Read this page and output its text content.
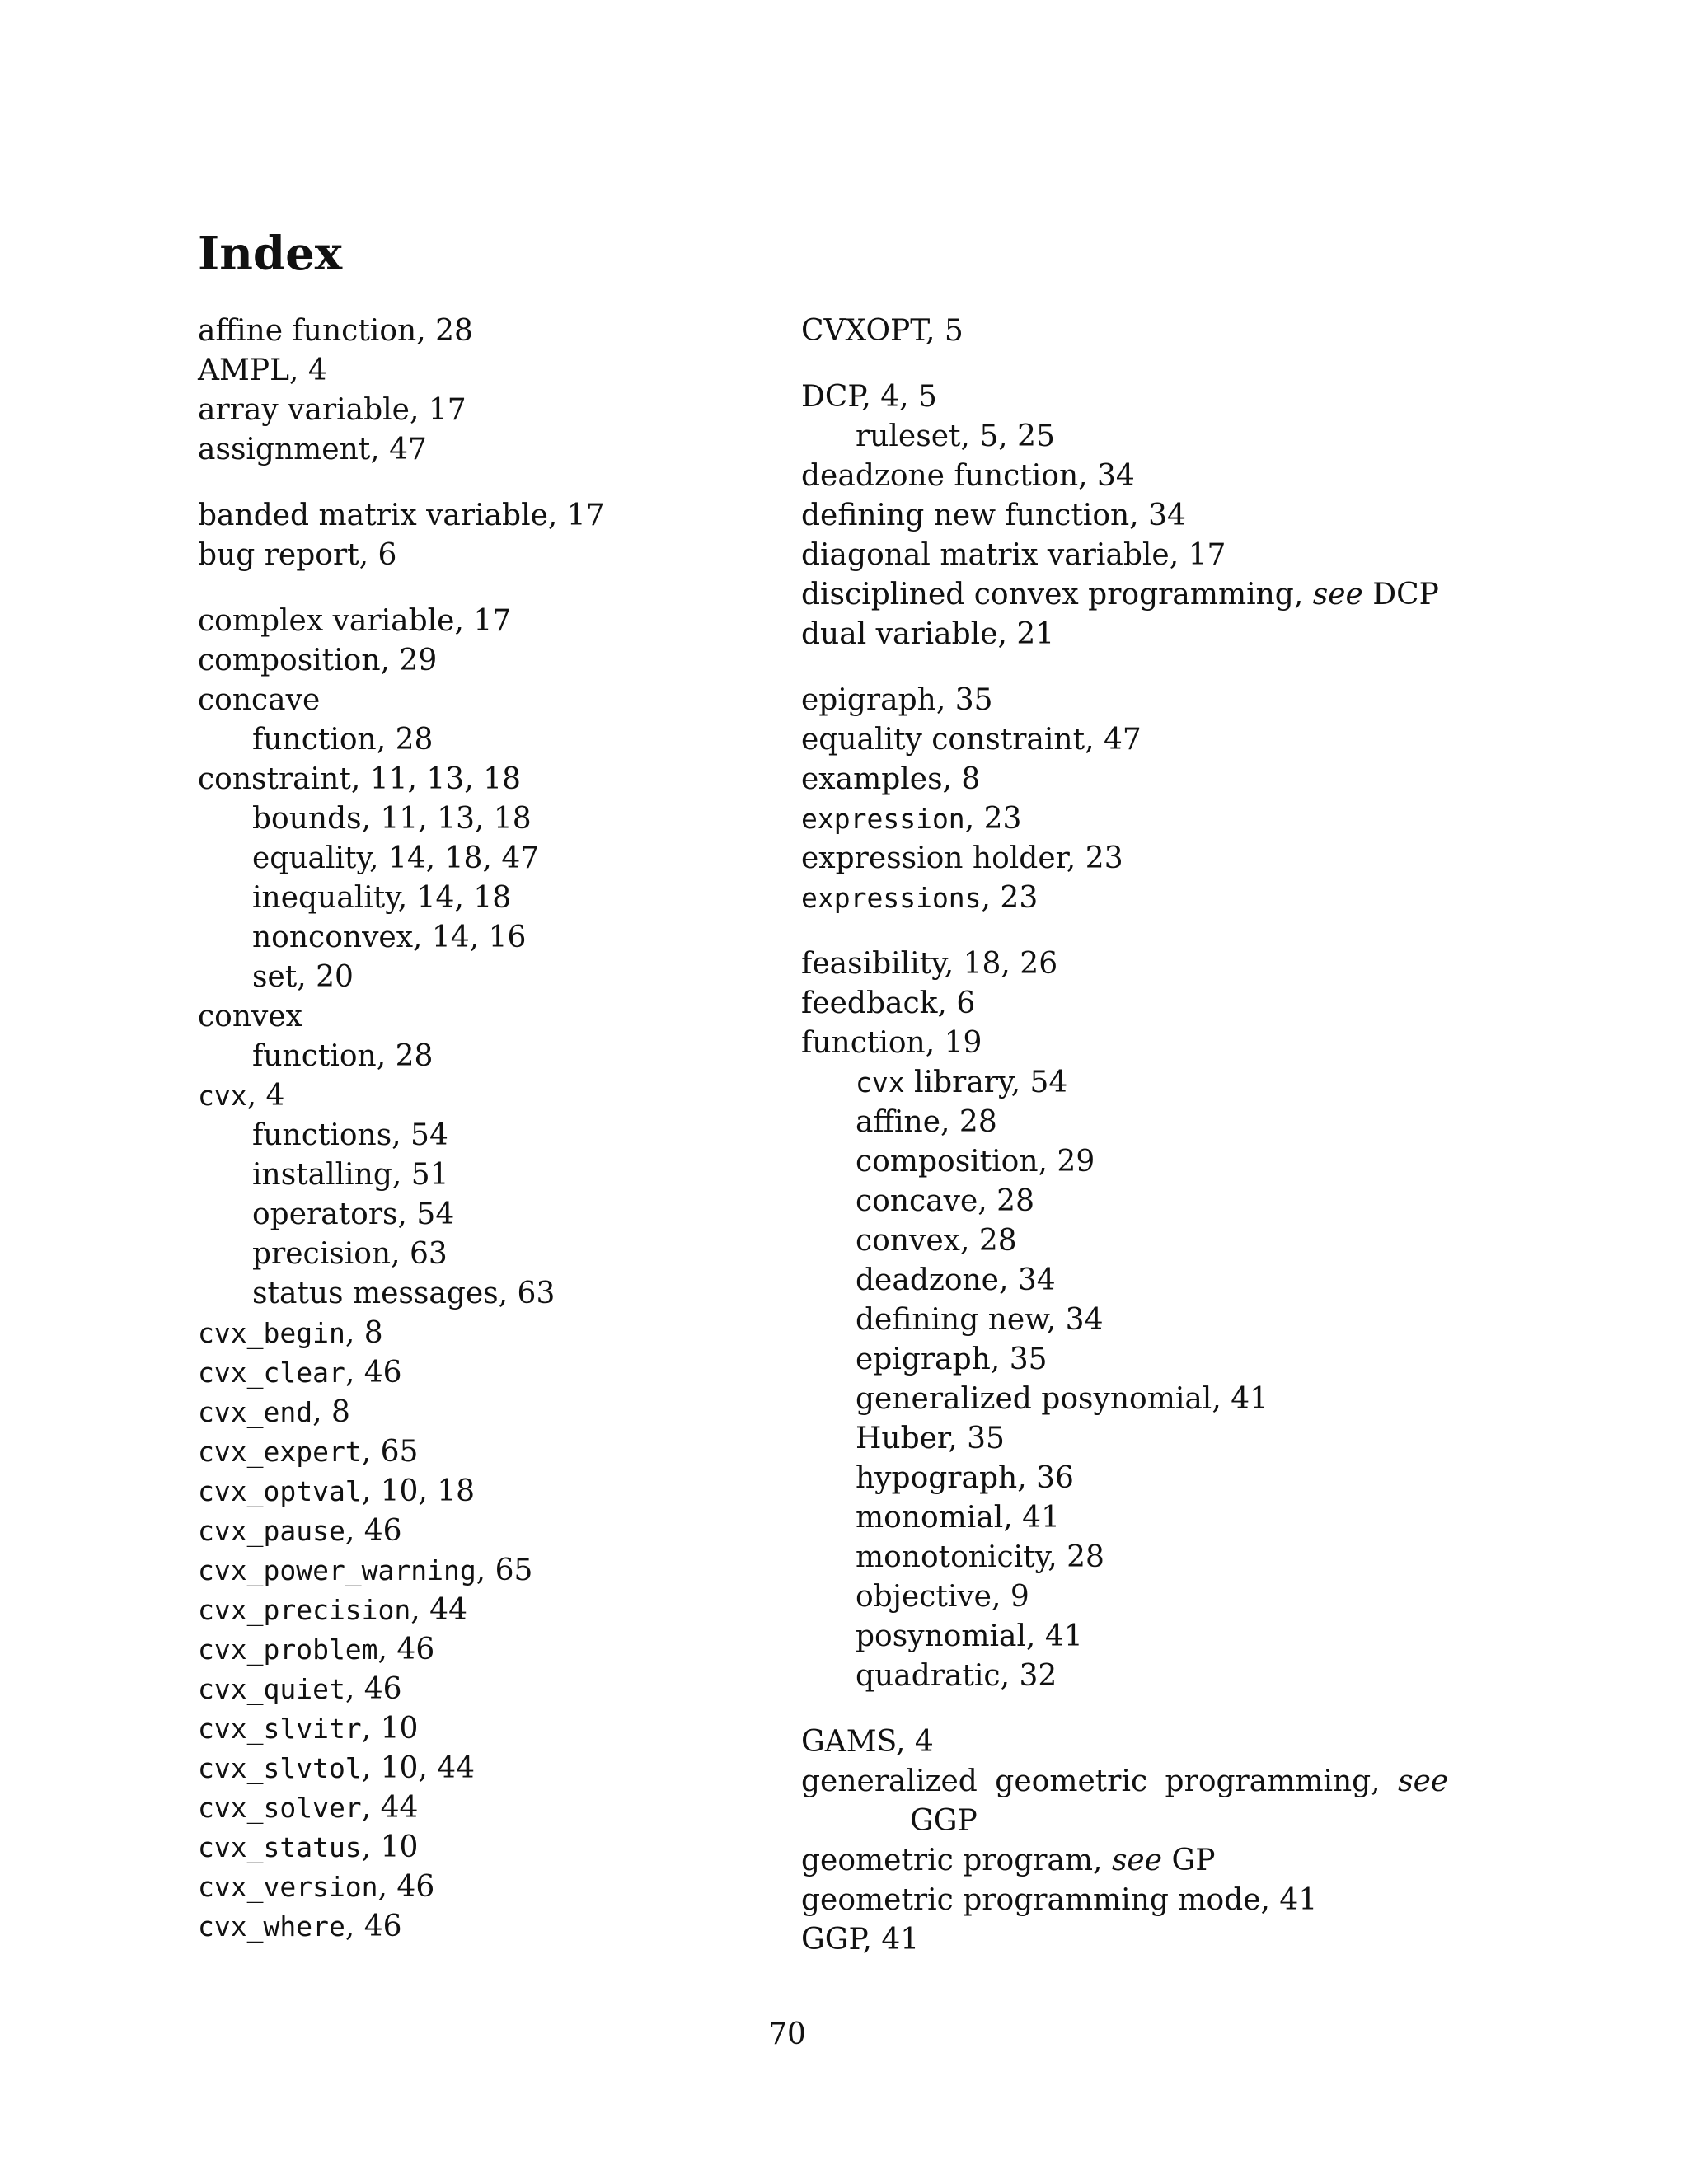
Index
affine function, 28
AMPL, 4
array variable, 17
assignment, 47
banded matrix variable, 17
bug report, 6
complex variable, 17
composition, 29
concave
function, 28
constraint, 11, 13, 18
bounds, 11, 13, 18
equality, 14, 18, 47
inequality, 14, 18
nonconvex, 14, 16
set, 20
convex
function, 28
cvx, 4
functions, 54
installing, 51
operators, 54
precision, 63
status messages, 63
cvx_begin, 8
cvx_clear, 46
cvx_end, 8
cvx_expert, 65
cvx_optval, 10, 18
cvx_pause, 46
cvx_power_warning, 65
cvx_precision, 44
cvx_problem, 46
cvx_quiet, 46
cvx_slvitr, 10
cvx_slvtol, 10, 44
cvx_solver, 44
cvx_status, 10
cvx_version, 46
cvx_where, 46
CVXOPT, 5
DCP, 4, 5
ruleset, 5, 25
deadzone function, 34
defining new function, 34
diagonal matrix variable, 17
disciplined convex programming, see DCP
dual variable, 21
epigraph, 35
equality constraint, 47
examples, 8
expression, 23
expression holder, 23
expressions, 23
feasibility, 18, 26
feedback, 6
function, 19
cvx library, 54
affine, 28
composition, 29
concave, 28
convex, 28
deadzone, 34
defining new, 34
epigraph, 35
generalized posynomial, 41
Huber, 35
hypograph, 36
monomial, 41
monotonicity, 28
objective, 9
posynomial, 41
quadratic, 32
GAMS, 4
generalized geometric programming, see
GGP
geometric program, see GP
geometric programming mode, 41
GGP, 41
70
